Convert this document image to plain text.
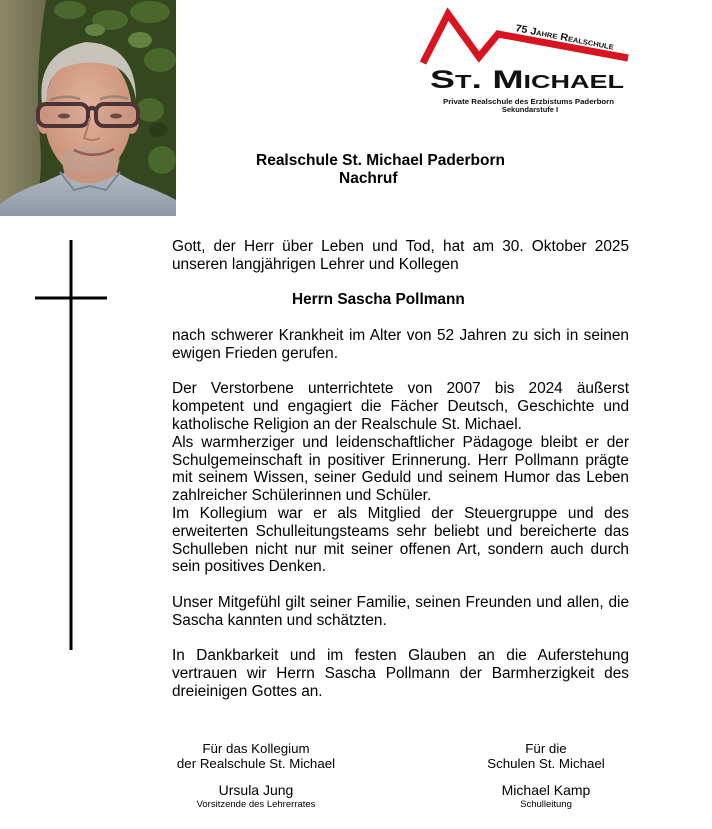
75 Jahre Realschule
St. Michael
Private Realschule des Erzbistums Paderborn
Sekundarstufe I
Realschule St. Michael Paderborn
Nachruf
Gott, der Herr über Leben und Tod, hat am 30. Oktober 2025
unseren langjährigen Lehrer und Kollegen
Herrn Sascha Pollmann
nach schwerer Krankheit im Alter von 52 Jahren zu sich in seinen
ewigen Frieden gerufen.
Der Verstorbene unterrichtete von 2007 bis 2024 äußerst
kompetent und engagiert die Fächer Deutsch, Geschichte und
katholische Religion an der Realschule St. Michael.
Als warmherziger und leidenschaftlicher Pädagoge bleibt er der
Schulgemeinschaft in positiver Erinnerung. Herr Pollmann prägte
mit seinem Wissen, seiner Geduld und seinem Humor das Leben
zahlreicher Schülerinnen und Schüler.
Im Kollegium war er als Mitglied der Steuergruppe und des
erweiterten Schulleitungsteams sehr beliebt und bereicherte das
Schulleben nicht nur mit seiner offenen Art, sondern auch durch
sein positives Denken.
Unser Mitgefühl gilt seiner Familie, seinen Freunden und allen, die
Sascha kannten und schätzten.
In Dankbarkeit und im festen Glauben an die Auferstehung
vertrauen wir Herrn Sascha Pollmann der Barmherzigkeit des
dreieinigen Gottes an.
Für das Kollegium
der Realschule St. Michael
Ursula Jung
Vorsitzende des Lehrerrates
Für die
Schulen St. Michael
Michael Kamp
Schulleitung
